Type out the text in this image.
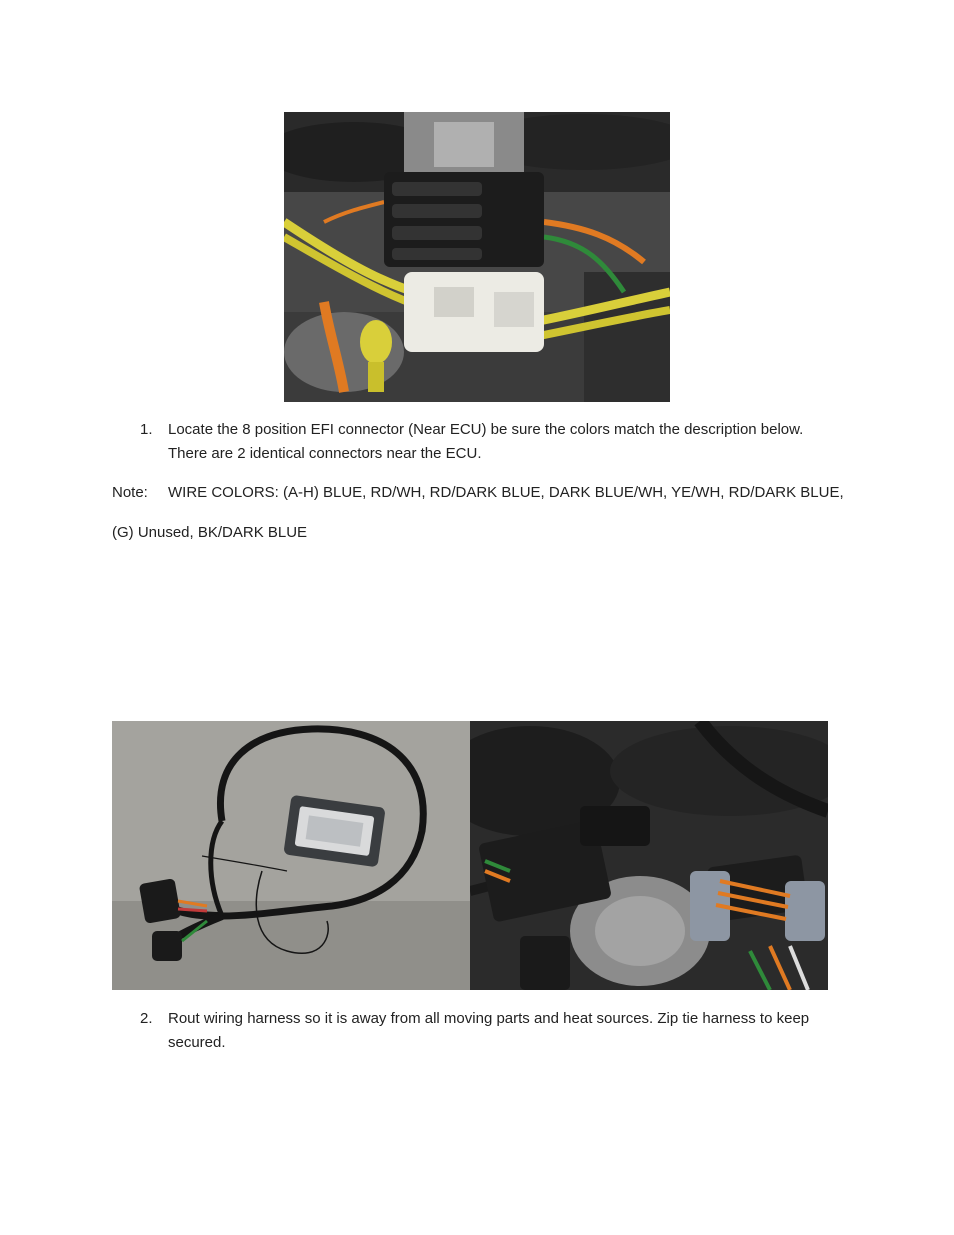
1.	Locate the 8 position EFI connector (Near ECU) be sure the colors match the description below.
There are 2 identical connectors near the ECU.
Note: WIRE COLORS: (A-H) BLUE, RD/WH, RD/DARK BLUE, DARK BLUE/WH, YE/WH, RD/DARK BLUE,
(G) Unused, BK/DARK BLUE
2.	Rout wiring harness so it is away from all moving parts and heat sources. Zip tie harness to keep
secured.
